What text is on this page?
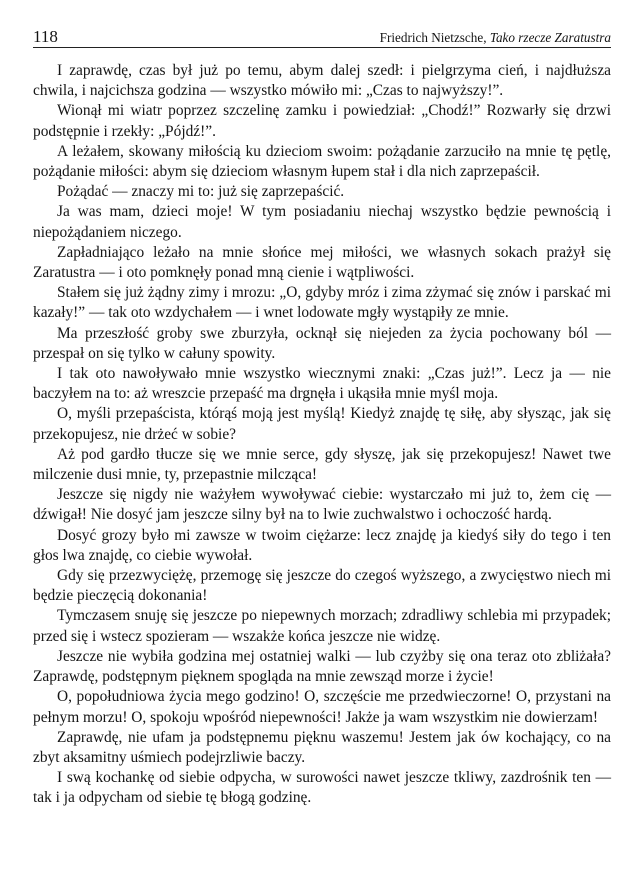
118	Friedrich Nietzsche, Tako rzecze Zaratustra

I zaprawdę, czas był już po temu, abym dalej szedł: i pielgrzyma cień, i najdłuższa chwila, i najcichsza godzina — wszystko mówiło mi: „Czas to najwyższy!”.

Wionął mi wiatr poprzez szczelinę zamku i powiedział: „Chodź!” Rozwarły się drzwi podstępnie i rzekły: „Pójdź!”.

A leżałem, skowany miłością ku dzieciom swoim: pożądanie zarzuciło na mnie tę pętlę, pożądanie miłości: abym się dzieciom własnym łupem stał i dla nich zaprzepaścił.

Pożądać — znaczy mi to: już się zaprzepaścić.

Ja was mam, dzieci moje! W tym posiadaniu niechaj wszystko będzie pewnością i niepożądaniem niczego.

Zapładniająco leżało na mnie słońce mej miłości, we własnych sokach prażył się Zaratustra — i oto pomknęły ponad mną cienie i wątpliwości.

Stałem się już żądny zimy i mrozu: „O, gdyby mróz i zima zżymać się znów i parskać mi kazały!” — tak oto wzdychałem — i wnet lodowate mgły wystąpiły ze mnie.

Ma przeszłość groby swe zburzyła, ocknął się niejeden za życia pochowany ból — przespał on się tylko w całuny spowity.

I tak oto nawoływało mnie wszystko wiecznymi znaki: „Czas już!”. Lecz ja — nie baczyłem na to: aż wreszcie przepaść ma drgnęła i ukąsiła mnie myśl moja.

O, myśli przepaścista, którąś moją jest myślą! Kiedyż znajdę tę siłę, aby słysząc, jak się przekopujesz, nie drżeć w sobie?

Aż pod gardło tłucze się we mnie serce, gdy słyszę, jak się przekopujesz! Nawet twe milczenie dusi mnie, ty, przepastnie milcząca!

Jeszcze się nigdy nie ważyłem wywoływać ciebie: wystarczało mi już to, żem cię — dźwigał! Nie dosyć jam jeszcze silny był na to lwie zuchwalstwo i ochoczość hardą.

Dosyć grozy było mi zawsze w twoim ciężarze: lecz znajdę ja kiedyś siły do tego i ten głos lwa znajdę, co ciebie wywołał.

Gdy się przezwyciężę, przemogę się jeszcze do czegoś wyższego, a zwycięstwo niech mi będzie pieczęcią dokonania!

Tymczasem snuję się jeszcze po niepewnych morzach; zdradliwy schlebia mi przypadek; przed się i wstecz spozieram — wszakże końca jeszcze nie widzę.

Jeszcze nie wybiła godzina mej ostatniej walki — lub czyżby się ona teraz oto zbliżała? Zaprawdę, podstępnym pięknem spogląda na mnie zewsząd morze i życie!

O, popołudniowa życia mego godzino! O, szczęście me przedwieczorne! O, przystani na pełnym morzu! O, spokoju wpośród niepewności! Jakże ja wam wszystkim nie dowierzam!

Zaprawdę, nie ufam ja podstępnemu pięknu waszemu! Jestem jak ów kochający, co na zbyt aksamitny uśmiech podejrzliwie baczy.

I swą kochankę od siebie odpycha, w surowości nawet jeszcze tkliwy, zazdrośnik ten — tak i ja odpycham od siebie tę błogą godzinę.
